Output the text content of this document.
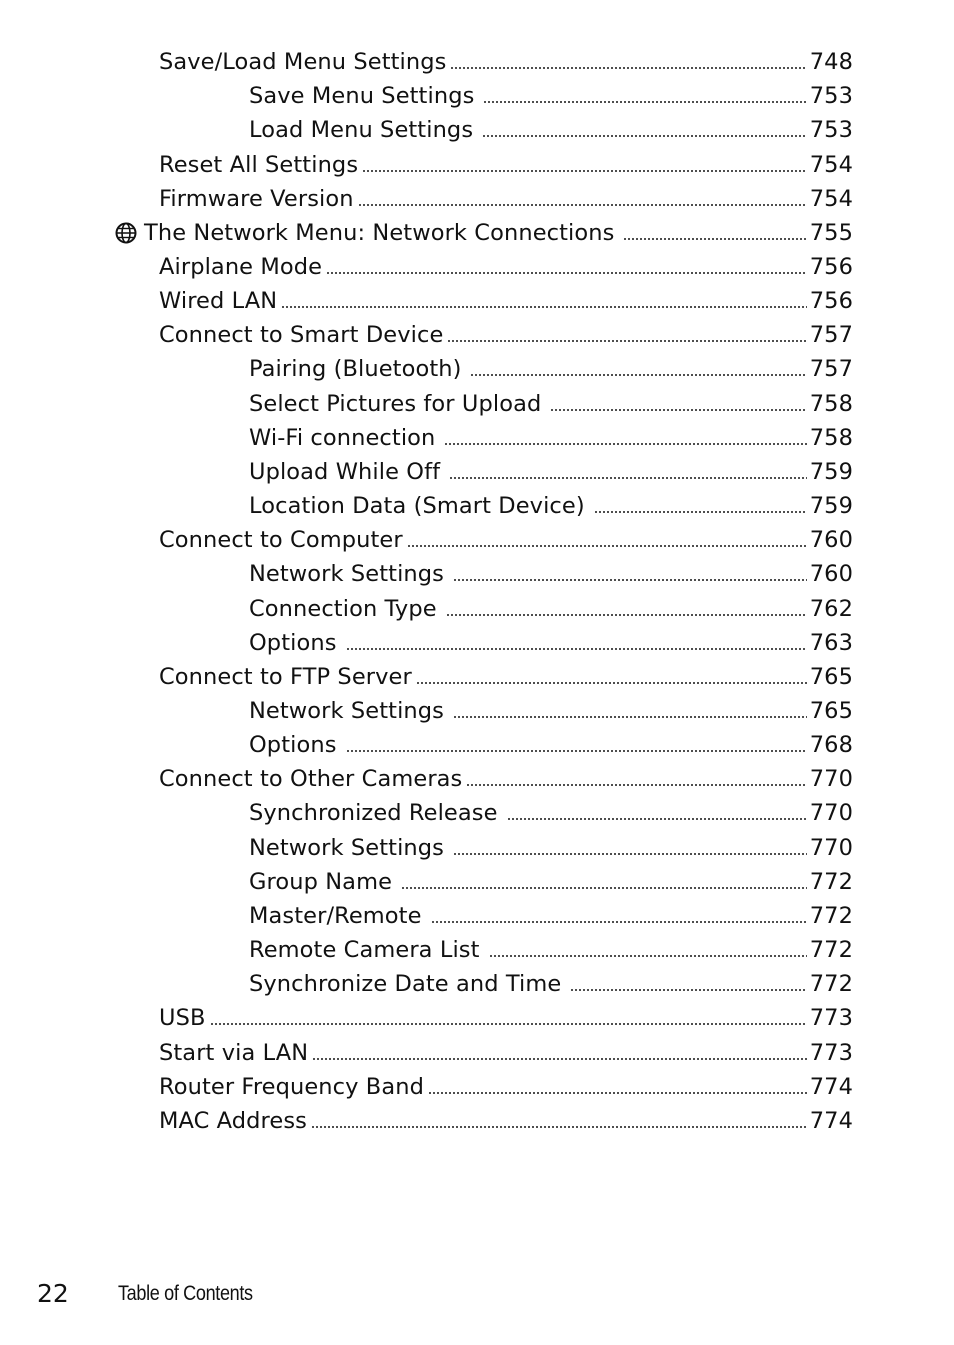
Save/Load Menu Settings	748
Save Menu Settings	753
Load Menu Settings	753
Reset All Settings	754
Firmware Version	754
The Network Menu: Network Connections	755
Airplane Mode	756
Wired LAN	756
Connect to Smart Device	757
Pairing (Bluetooth)	757
Select Pictures for Upload	758
Wi-Fi connection	758
Upload While Off	759
Location Data (Smart Device)	759
Connect to Computer	760
Network Settings	760
Connection Type	762
Options	763
Connect to FTP Server	765
Network Settings	765
Options	768
Connect to Other Cameras	770
Synchronized Release	770
Network Settings	770
Group Name	772
Master/Remote	772
Remote Camera List	772
Synchronize Date and Time	772
USB	773
Start via LAN	773
Router Frequency Band	774
MAC Address	774
22 Table of Contents
